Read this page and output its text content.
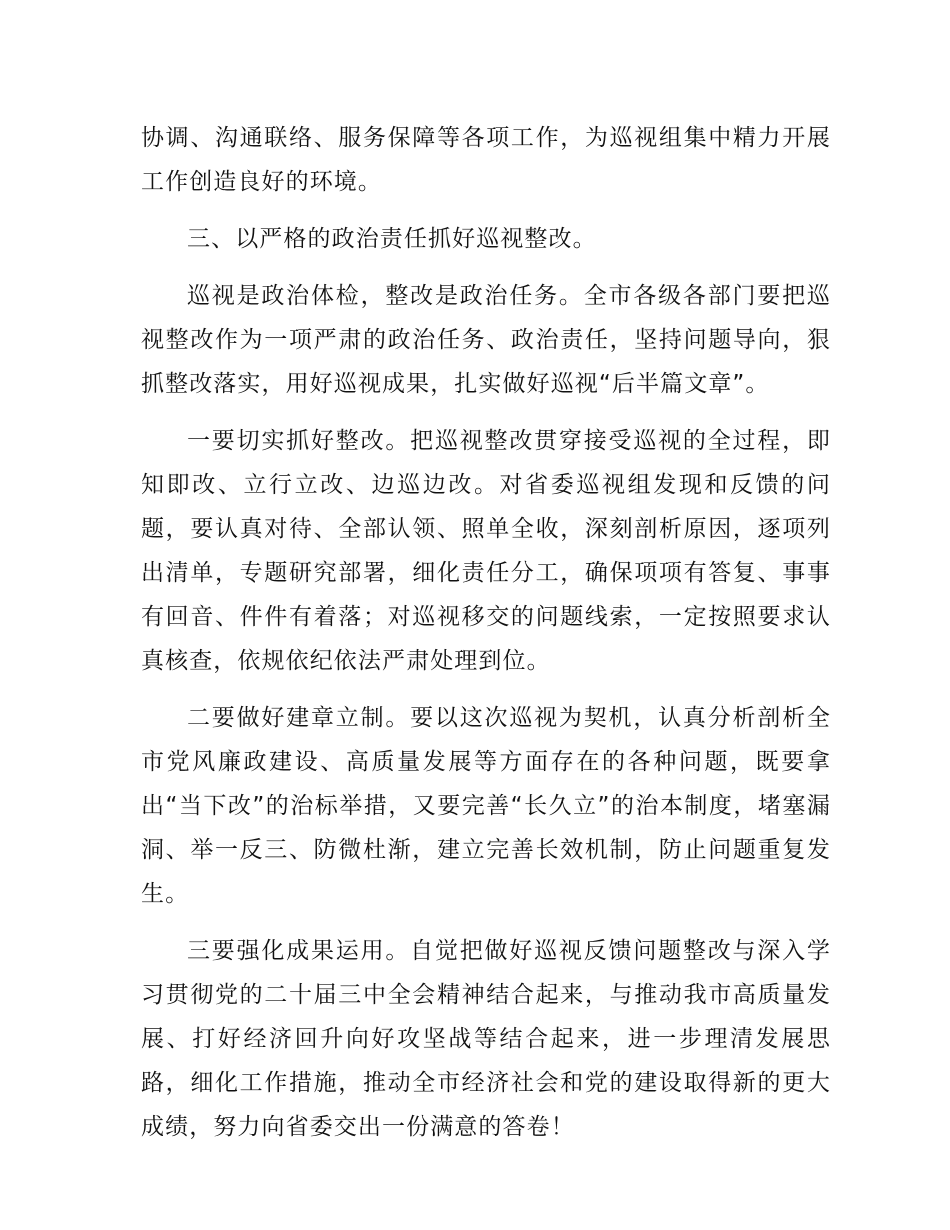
协调、沟通联络、服务保障等各项工作，为巡视组集中精力开展工作创造良好的环境。

三、以严格的政治责任抓好巡视整改。

巡视是政治体检，整改是政治任务。全市各级各部门要把巡视整改作为一项严肃的政治任务、政治责任，坚持问题导向，狠抓整改落实，用好巡视成果，扎实做好巡视“后半篇文章”。

一要切实抓好整改。把巡视整改贯穿接受巡视的全过程，即知即改、立行立改、边巡边改。对省委巡视组发现和反馈的问题，要认真对待、全部认领、照单全收，深刻剖析原因，逐项列出清单，专题研究部署，细化责任分工，确保项项有答复、事事有回音、件件有着落；对巡视移交的问题线索，一定按照要求认真核查，依规依纪依法严肃处理到位。

二要做好建章立制。要以这次巡视为契机，认真分析剖析全市党风廉政建设、高质量发展等方面存在的各种问题，既要拿出“当下改”的治标举措，又要完善“长久立”的治本制度，堵塞漏洞、举一反三、防微杜渐，建立完善长效机制，防止问题重复发生。

三要强化成果运用。自觉把做好巡视反馈问题整改与深入学习贯彻党的二十届三中全会精神结合起来，与推动我市高质量发展、打好经济回升向好攻坚战等结合起来，进一步理清发展思路，细化工作措施，推动全市经济社会和党的建设取得新的更大成绩，努力向省委交出一份满意的答卷！
